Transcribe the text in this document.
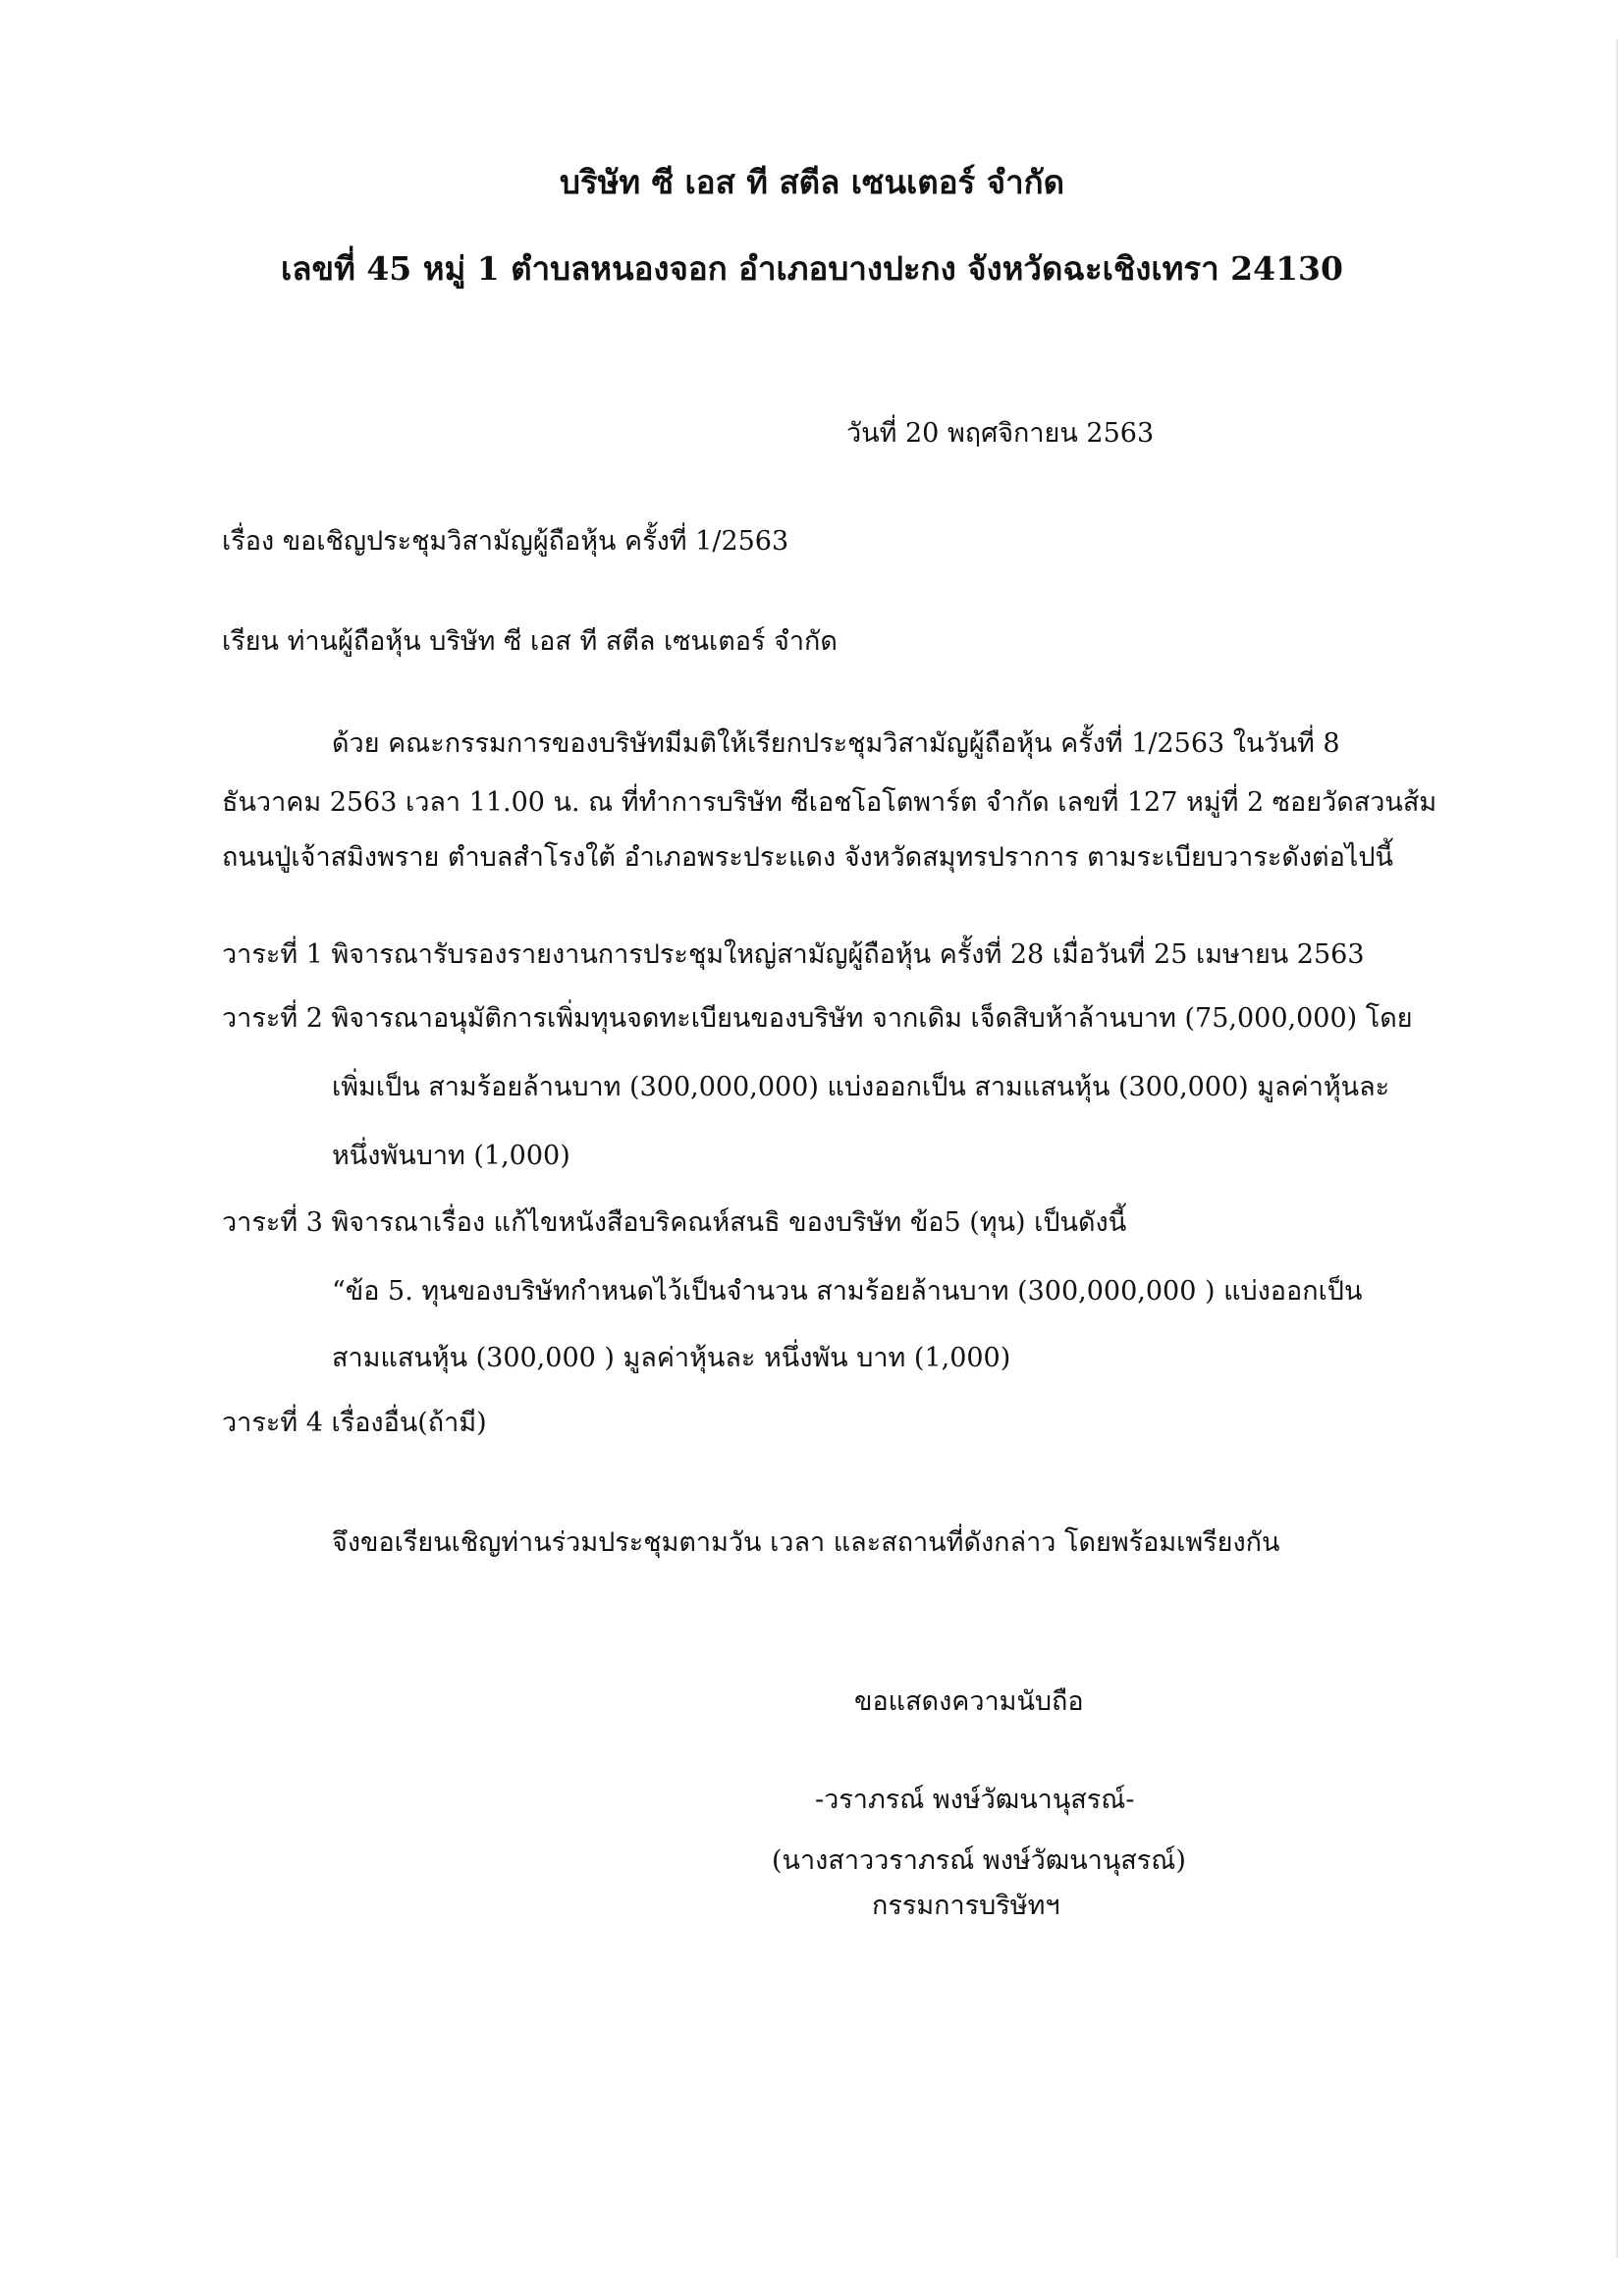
บริษัท ซี เอส ที สตีล เซนเตอร์ จำกัด
เลขที่ 45 หมู่ 1 ตำบลหนองจอก อำเภอบางปะกง จังหวัดฉะเชิงเทรา 24130
วันที่ 20 พฤศจิกายน 2563
เรื่อง ขอเชิญประชุมวิสามัญผู้ถือหุ้น ครั้งที่ 1/2563
เรียน ท่านผู้ถือหุ้น บริษัท ซี เอส ที สตีล เซนเตอร์ จำกัด
ด้วย คณะกรรมการของบริษัทมีมติให้เรียกประชุมวิสามัญผู้ถือหุ้น ครั้งที่ 1/2563 ในวันที่ 8
ธันวาคม 2563 เวลา 11.00 น. ณ ที่ทำการบริษัท ซีเอชโอโตพาร์ต จำกัด เลขที่ 127 หมู่ที่ 2 ซอยวัดสวนส้ม
ถนนปู่เจ้าสมิงพราย ตำบลสำโรงใต้ อำเภอพระประแดง จังหวัดสมุทรปราการ ตามระเบียบวาระดังต่อไปนี้
วาระที่ 1 พิจารณารับรองรายงานการประชุมใหญ่สามัญผู้ถือหุ้น ครั้งที่ 28 เมื่อวันที่ 25 เมษายน 2563
วาระที่ 2 พิจารณาอนุมัติการเพิ่มทุนจดทะเบียนของบริษัท จากเดิม เจ็ดสิบห้าล้านบาท (75,000,000) โดย
เพิ่มเป็น สามร้อยล้านบาท (300,000,000) แบ่งออกเป็น สามแสนหุ้น (300,000) มูลค่าหุ้นละ
หนึ่งพันบาท (1,000)
วาระที่ 3 พิจารณาเรื่อง แก้ไขหนังสือบริคณห์สนธิ ของบริษัท ข้อ5 (ทุน) เป็นดังนี้
“ข้อ 5. ทุนของบริษัทกำหนดไว้เป็นจำนวน สามร้อยล้านบาท (300,000,000 ) แบ่งออกเป็น
สามแสนหุ้น (300,000 ) มูลค่าหุ้นละ หนึ่งพัน บาท (1,000)
วาระที่ 4 เรื่องอื่น(ถ้ามี)
จึงขอเรียนเชิญท่านร่วมประชุมตามวัน เวลา และสถานที่ดังกล่าว โดยพร้อมเพรียงกัน
ขอแสดงความนับถือ
-วราภรณ์ พงษ์วัฒนานุสรณ์-
(นางสาววราภรณ์ พงษ์วัฒนานุสรณ์)
กรรมการบริษัทฯ
